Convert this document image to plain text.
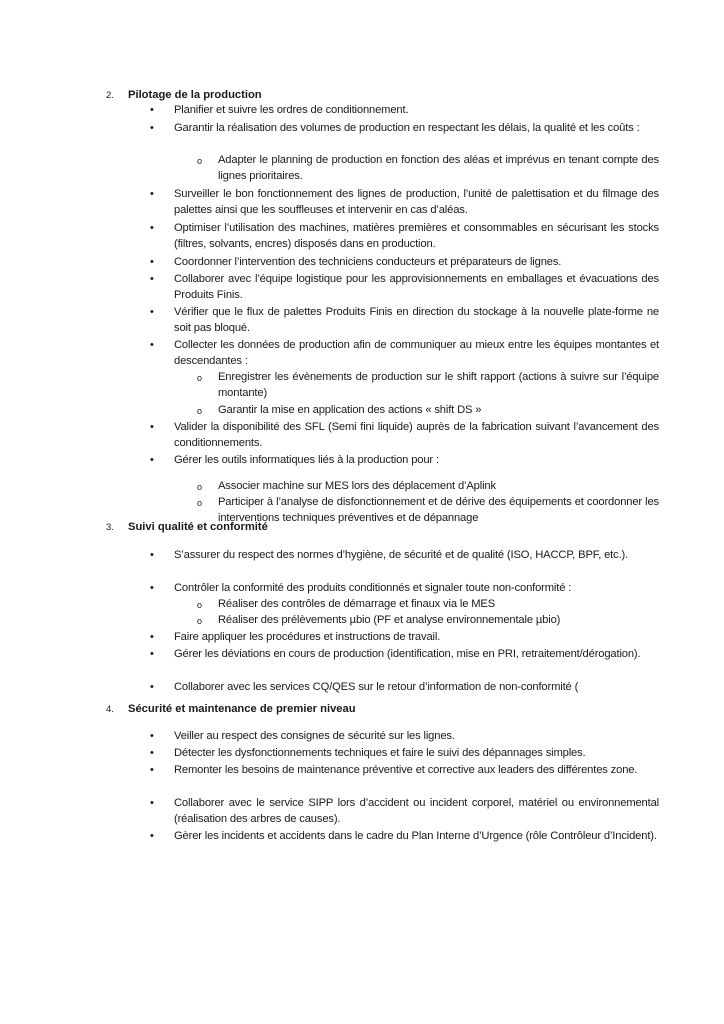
2. Pilotage de la production
• Planifier et suivre les ordres de conditionnement.
• Garantir la réalisation des volumes de production en respectant les délais, la qualité et les coûts :
o Adapter le planning de production en fonction des aléas et imprévus en tenant compte des lignes prioritaires.
• Surveiller le bon fonctionnement des lignes de production, l’unité de palettisation et du filmage des palettes ainsi que les souffleuses et intervenir en cas d’aléas.
• Optimiser l’utilisation des machines, matières premières et consommables en sécurisant les stocks (filtres, solvants, encres) disposés dans en production.
• Coordonner l’intervention des techniciens conducteurs et préparateurs de lignes.
• Collaborer avec l’équipe logistique pour les approvisionnements en emballages et évacuations des Produits Finis.
• Vérifier que le flux de palettes Produits Finis en direction du stockage à la nouvelle plate-forme ne soit pas bloqué.
• Collecter les données de production afin de communiquer au mieux entre les équipes montantes et descendantes :
o Enregistrer les évènements de production sur le shift rapport (actions à suivre sur l’équipe montante)
o Garantir la mise en application des actions « shift DS »
• Valider la disponibilité des SFL (Semi fini liquide) auprès de la fabrication suivant l’avancement des conditionnements.
• Gérer les outils informatiques liés à la production pour :
o Associer machine sur MES lors des déplacement d’Aplink
o Participer à l’analyse de disfonctionnement et de dérive des équipements et coordonner les interventions techniques préventives et de dépannage
3. Suivi qualité et conformité
• S’assurer du respect des normes d’hygiène, de sécurité et de qualité (ISO, HACCP, BPF, etc.).
• Contrôler la conformité des produits conditionnés et signaler toute non-conformité :
o Réaliser des contrôles de démarrage et finaux via le MES
o Réaliser des prélèvements µbio (PF et analyse environnementale µbio)
• Faire appliquer les procédures et instructions de travail.
• Gérer les déviations en cours de production (identification, mise en PRI, retraitement/dérogation).
• Collaborer avec les services CQ/QES sur le retour d’information de non-conformité (
4. Sécurité et maintenance de premier niveau
• Veiller au respect des consignes de sécurité sur les lignes.
• Détecter les dysfonctionnements techniques et faire le suivi des dépannages simples.
• Remonter les besoins de maintenance préventive et corrective aux leaders des différentes zone.
• Collaborer avec le service SIPP lors d’accident ou incident corporel, matériel ou environnemental (réalisation des arbres de causes).
• Gèrer les incidents et accidents dans le cadre du Plan Interne d’Urgence (rôle Contrôleur d’Incident).
